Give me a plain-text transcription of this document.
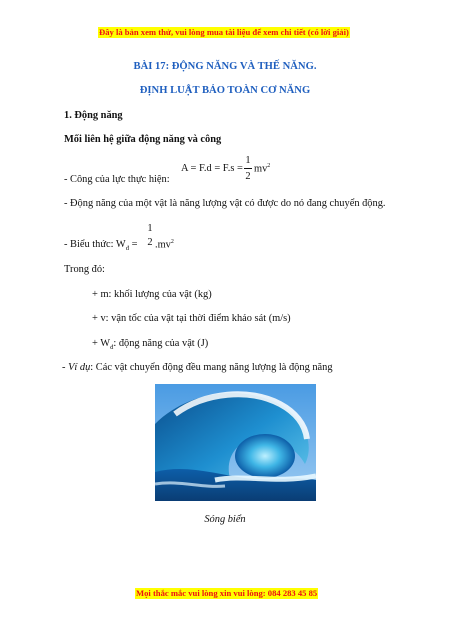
Đây là bản xem thử, vui lòng mua tài liệu để xem chi tiết (có lời giải)
BÀI 17: ĐỘNG NĂNG VÀ THẾ NĂNG.
ĐỊNH LUẬT BẢO TOÀN CƠ NĂNG
1. Động năng
Mối liên hệ giữa động năng và công
A = F.d = F.s =
1
2
$mv^2$
- Công của lực thực hiện:
- Động năng của một vật là năng lượng vật có được do nó đang chuyển động.
1
- Biểu thức: $W_đ = 2$ $.mv^2$
Trong đó:
+ m: khối lượng của vật (kg)
+ v: vận tốc của vật tại thời điểm khảo sát (m/s)
+ $W_đ$: động năng của vật (J)
- Ví dụ: Các vật chuyển động đều mang năng lượng là động năng
Sóng biển
Mọi thắc mắc vui lòng xin vui lòng: 084 283 45 85
